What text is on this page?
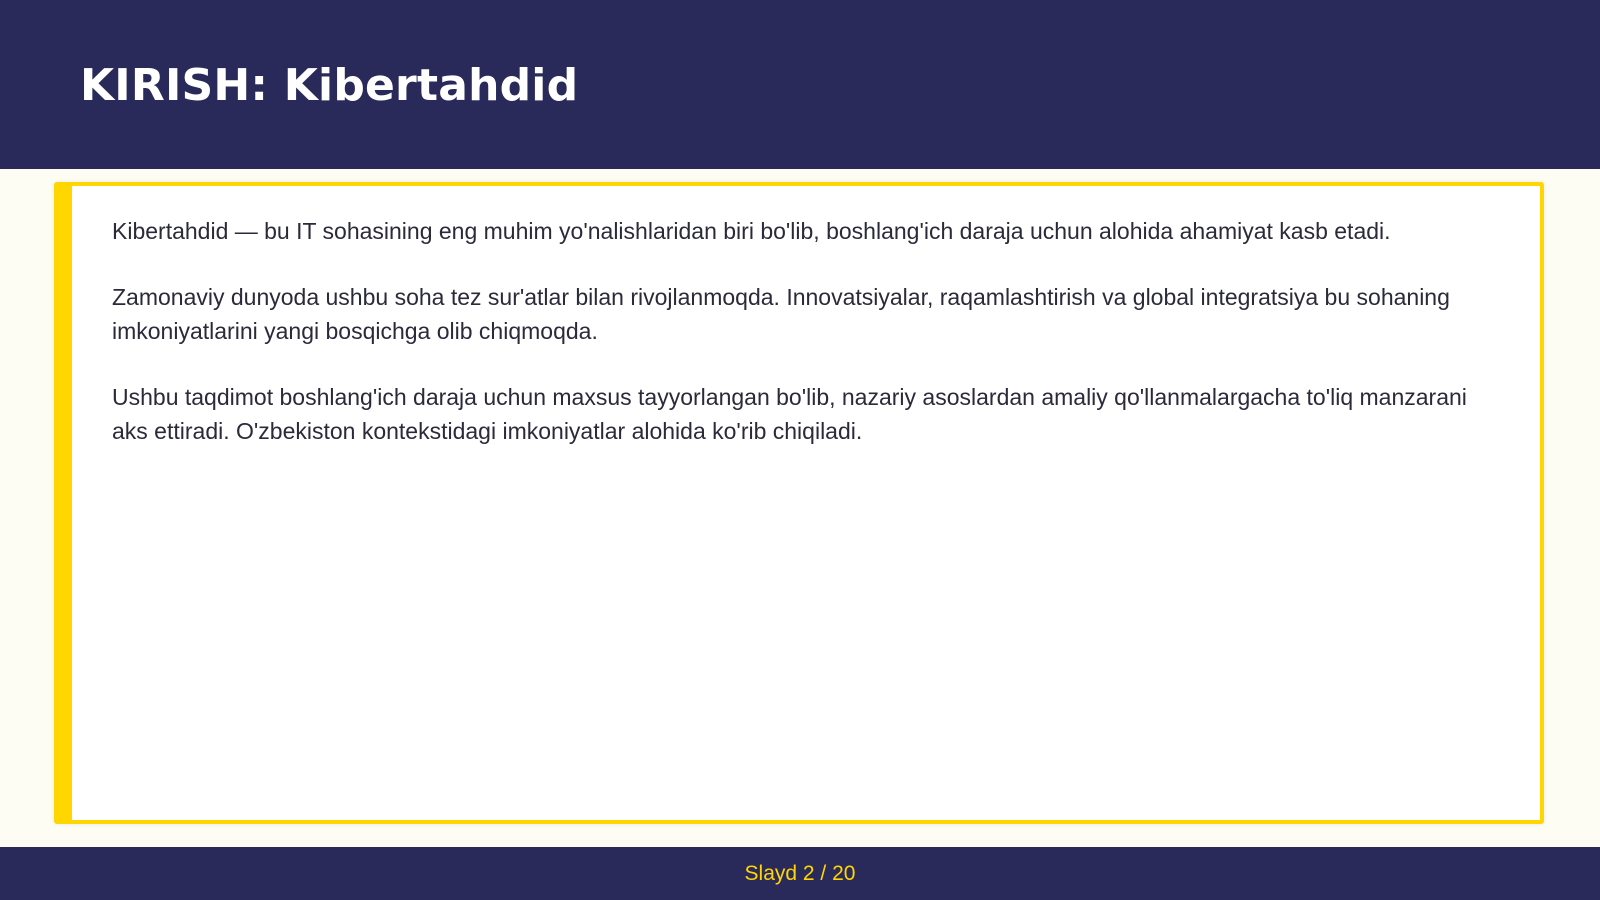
KIRISH: Kibertahdid

Kibertahdid — bu IT sohasining eng muhim yo'nalishlaridan biri bo'lib, boshlang'ich daraja uchun alohida ahamiyat kasb etadi.

Zamonaviy dunyoda ushbu soha tez sur'atlar bilan rivojlanmoqda. Innovatsiyalar, raqamlashtirish va global integratsiya bu sohaning imkoniyatlarini yangi bosqichga olib chiqmoqda.

Ushbu taqdimot boshlang'ich daraja uchun maxsus tayyorlangan bo'lib, nazariy asoslardan amaliy qo'llanmalargacha to'liq manzarani aks ettiradi. O'zbekiston kontekstidagi imkoniyatlar alohida ko'rib chiqiladi.

Slayd 2 / 20
